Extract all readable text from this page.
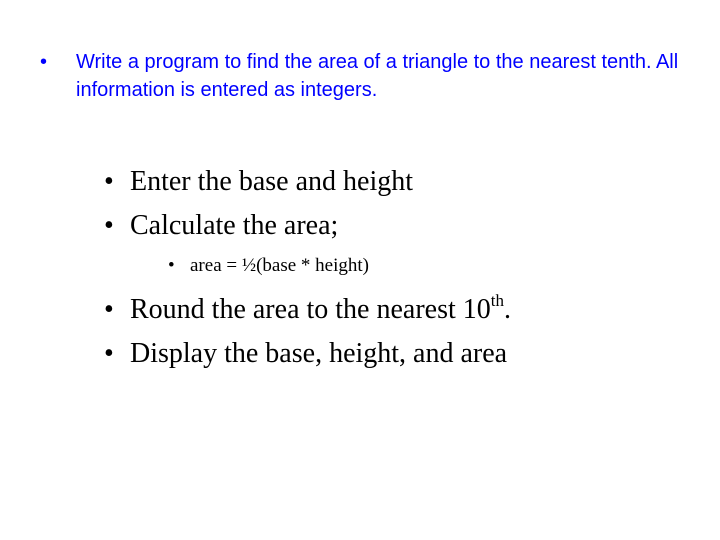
•	Write a program to find the area of a triangle to the nearest tenth. All information is entered as integers.
• Enter the base and height
• Calculate the area;
• area = ½(base * height)
• Round the area to the nearest 10th.
• Display the base, height, and area
